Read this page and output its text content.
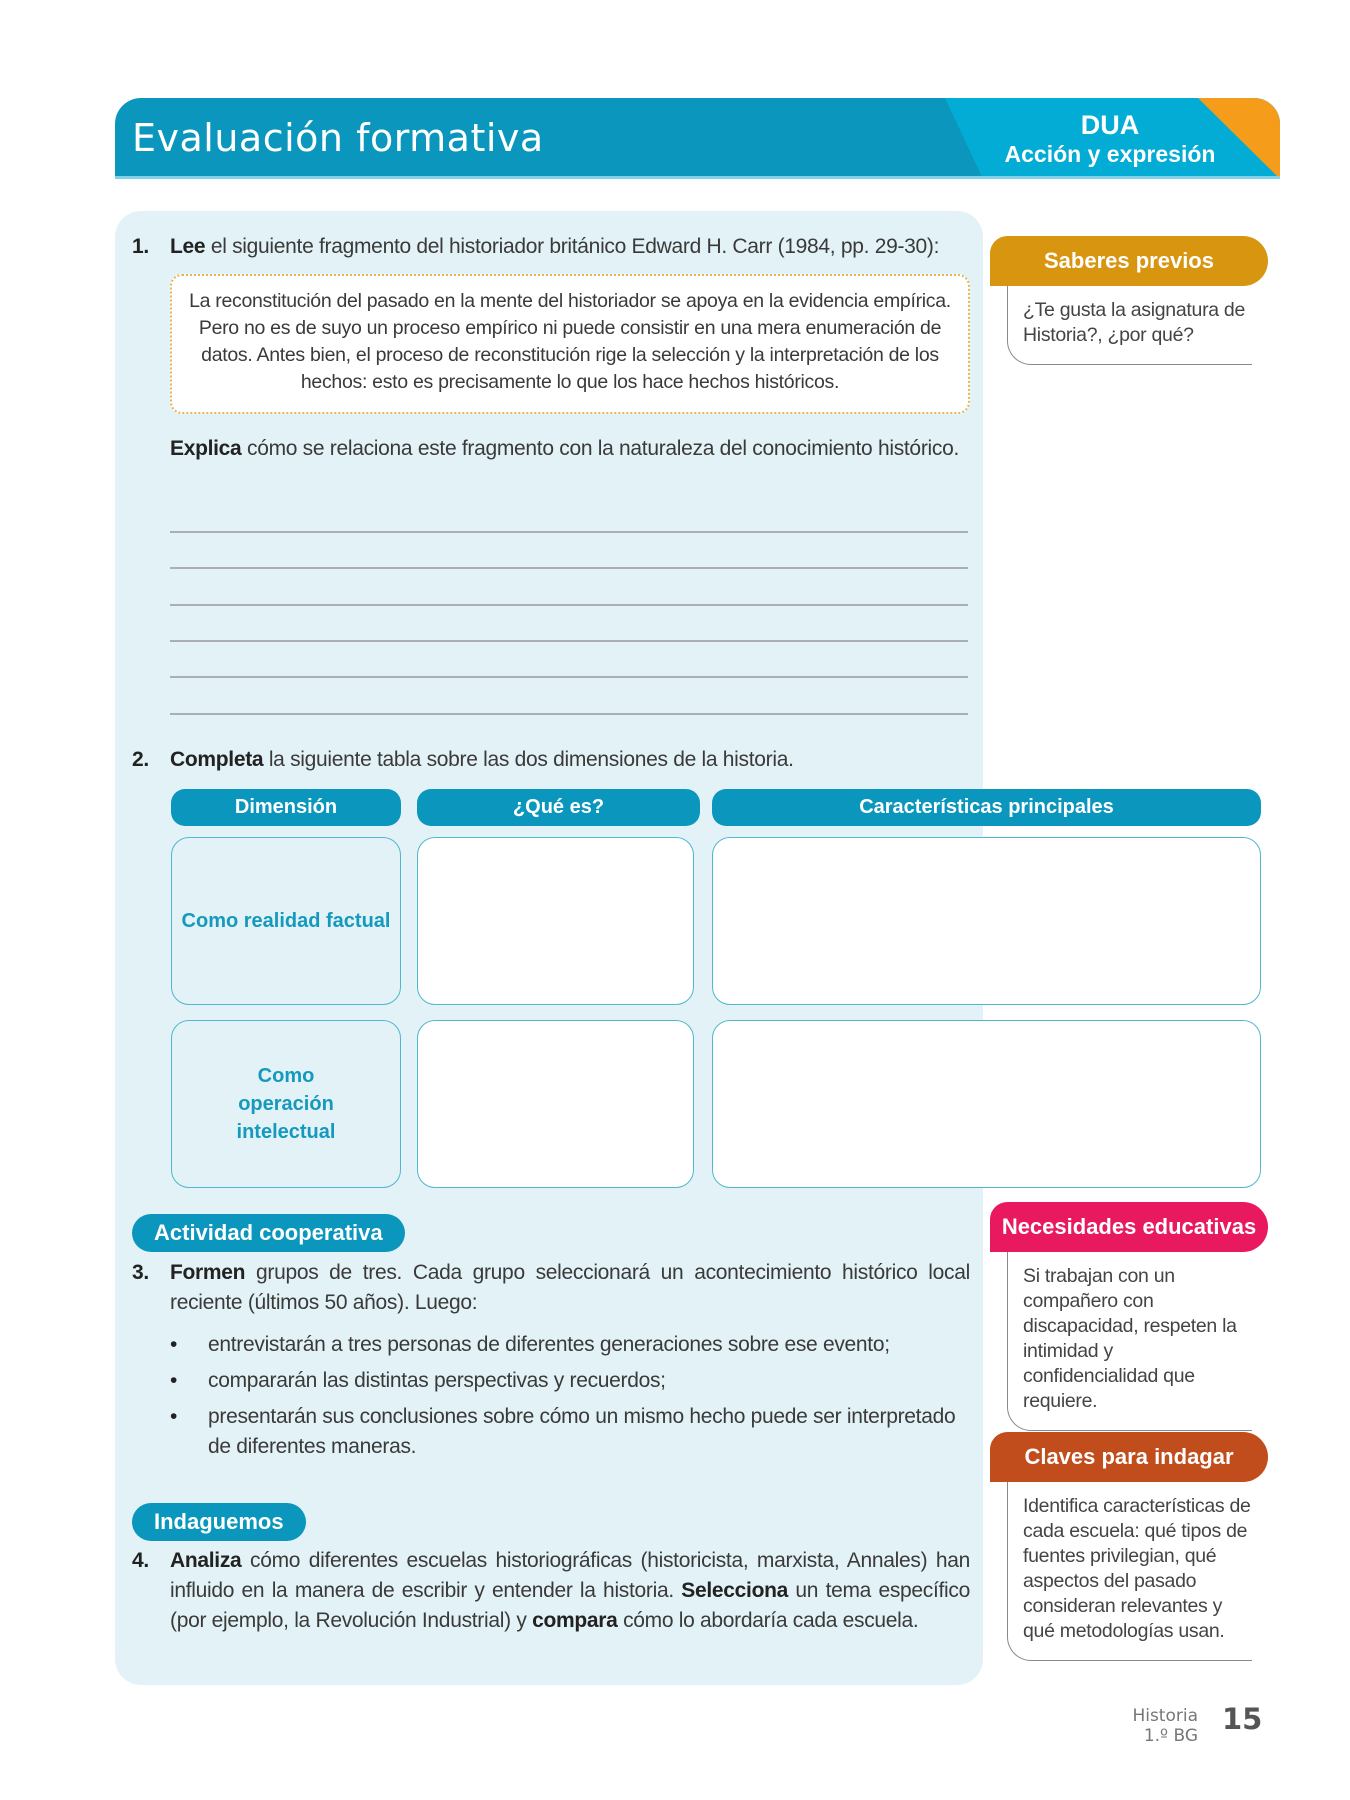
Evaluación formativa	DUA
Acción y expresión
1. Lee el siguiente fragmento del historiador británico Edward H. Carr (1984, pp. 29-30):
La reconstitución del pasado en la mente del historiador se apoya en la evidencia empírica. Pero no es de suyo un proceso empírico ni puede consistir en una mera enumeración de datos. Antes bien, el proceso de reconstitución rige la selección y la interpretación de los hechos: esto es precisamente lo que los hace hechos históricos.
Explica cómo se relaciona este fragmento con la naturaleza del conocimiento histórico.
2. Completa la siguiente tabla sobre las dos dimensiones de la historia.
Dimensión	¿Qué es?	Características principales
Como realidad factual
Como operación intelectual
Actividad cooperativa
3. Formen grupos de tres. Cada grupo seleccionará un acontecimiento histórico local reciente (últimos 50 años). Luego:
• entrevistarán a tres personas de diferentes generaciones sobre ese evento;
• compararán las distintas perspectivas y recuerdos;
• presentarán sus conclusiones sobre cómo un mismo hecho puede ser interpretado de diferentes maneras.
Indaguemos
4. Analiza cómo diferentes escuelas historiográficas (historicista, marxista, Annales) han influido en la manera de escribir y entender la historia. Selecciona un tema específico (por ejemplo, la Revolución Industrial) y compara cómo lo abordaría cada escuela.
Saberes previos
¿Te gusta la asignatura de Historia?, ¿por qué?
Necesidades educativas
Si trabajan con un compañero con discapacidad, respeten la intimidad y confidencialidad que requiere.
Claves para indagar
Identifica características de cada escuela: qué tipos de fuentes privilegian, qué aspectos del pasado consideran relevantes y qué metodologías usan.
Historia
1.º BG 15
